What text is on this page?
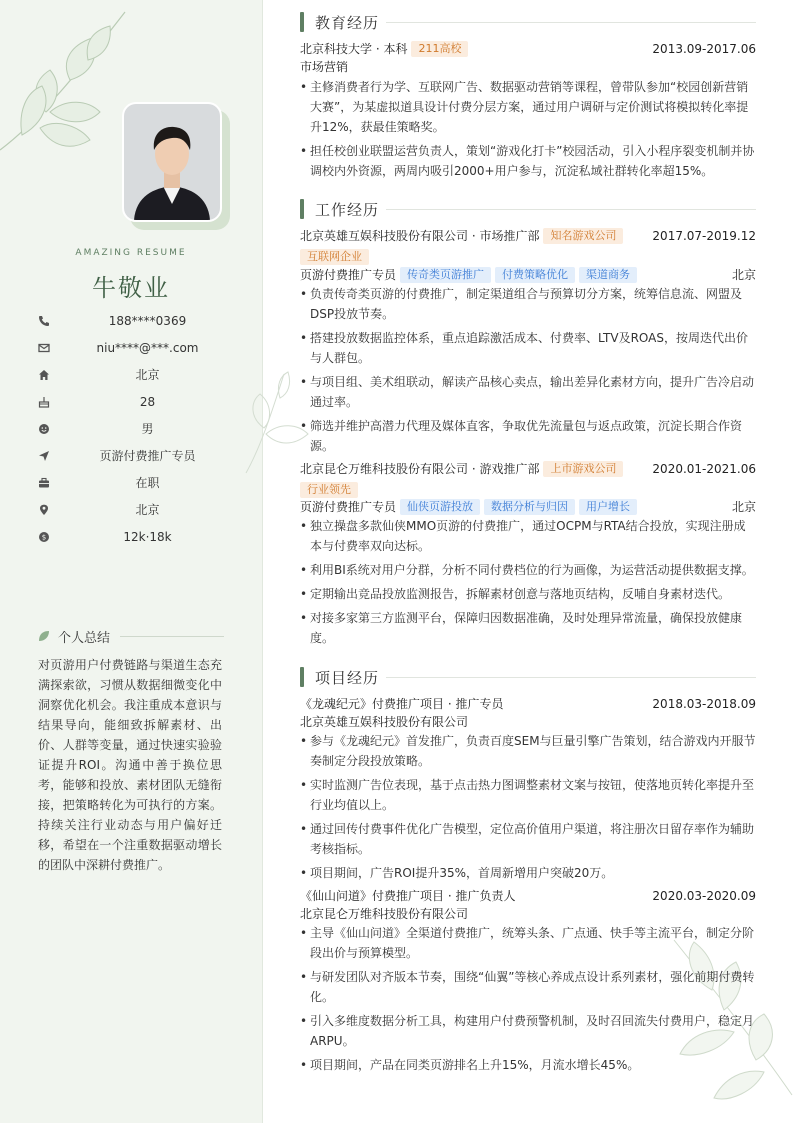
AMAZING RESUME
牛敬业
188****0369
niu****@***.com
北京
28
男
页游付费推广专员
在职
北京
$	12k·18k
个人总结
对页游用户付费链路与渠道生态充满探索欲，习惯从数据细微变化中洞察优化机会。我注重成本意识与结果导向，能细致拆解素材、出价、人群等变量，通过快速实验验证提升ROI。沟通中善于换位思考，能够和投放、素材团队无缝衔接，把策略转化为可执行的方案。持续关注行业动态与用户偏好迁移，希望在一个注重数据驱动增长的团队中深耕付费推广。
教育经历
北京科技大学 · 本科 211高校	2013.09-2017.06
市场营销
• 主修消费者行为学、互联网广告、数据驱动营销等课程，曾带队参加“校园创新营销大赛”，为某虚拟道具设计付费分层方案，通过用户调研与定价测试将模拟转化率提升12%，获最佳策略奖。
• 担任校创业联盟运营负责人，策划“游戏化打卡”校园活动，引入小程序裂变机制并协调校内外资源，两周内吸引2000+用户参与，沉淀私域社群转化率超15%。
工作经历
北京英雄互娱科技股份有限公司 · 市场推广部 知名游戏公司	2017.07-2019.12
互联网企业
页游付费推广专员 传奇类页游推广 付费策略优化 渠道商务	北京
• 负责传奇类页游的付费推广，制定渠道组合与预算切分方案，统筹信息流、网盟及DSP投放节奏。
• 搭建投放数据监控体系，重点追踪激活成本、付费率、LTV及ROAS，按周迭代出价与人群包。
• 与项目组、美术组联动，解读产品核心卖点，输出差异化素材方向，提升广告冷启动通过率。
• 筛选并维护高潜力代理及媒体直客，争取优先流量包与返点政策，沉淀长期合作资源。
北京昆仑万维科技股份有限公司 · 游戏推广部 上市游戏公司	2020.01-2021.06
行业领先
页游付费推广专员 仙侠页游投放 数据分析与归因 用户增长	北京
• 独立操盘多款仙侠MMO页游的付费推广，通过OCPM与RTA结合投放，实现注册成本与付费率双向达标。
• 利用BI系统对用户分群，分析不同付费档位的行为画像，为运营活动提供数据支撑。
• 定期输出竞品投放监测报告，拆解素材创意与落地页结构，反哺自身素材迭代。
• 对接多家第三方监测平台，保障归因数据准确，及时处理异常流量，确保投放健康度。
项目经历
《龙魂纪元》付费推广项目 · 推广专员	2018.03-2018.09
北京英雄互娱科技股份有限公司
• 参与《龙魂纪元》首发推广，负责百度SEM与巨量引擎广告策划，结合游戏内开服节奏制定分段投放策略。
• 实时监测广告位表现，基于点击热力图调整素材文案与按钮，使落地页转化率提升至行业均值以上。
• 通过回传付费事件优化广告模型，定位高价值用户渠道，将注册次日留存率作为辅助考核指标。
• 项目期间，广告ROI提升35%，首周新增用户突破20万。
《仙山问道》付费推广项目 · 推广负责人	2020.03-2020.09
北京昆仑万维科技股份有限公司
• 主导《仙山问道》全渠道付费推广，统筹头条、广点通、快手等主流平台，制定分阶段出价与预算模型。
• 与研发团队对齐版本节奏，围绕“仙翼”等核心养成点设计系列素材，强化前期付费转化。
• 引入多维度数据分析工具，构建用户付费预警机制，及时召回流失付费用户，稳定月ARPU。
• 项目期间，产品在同类页游排名上升15%，月流水增长45%。
